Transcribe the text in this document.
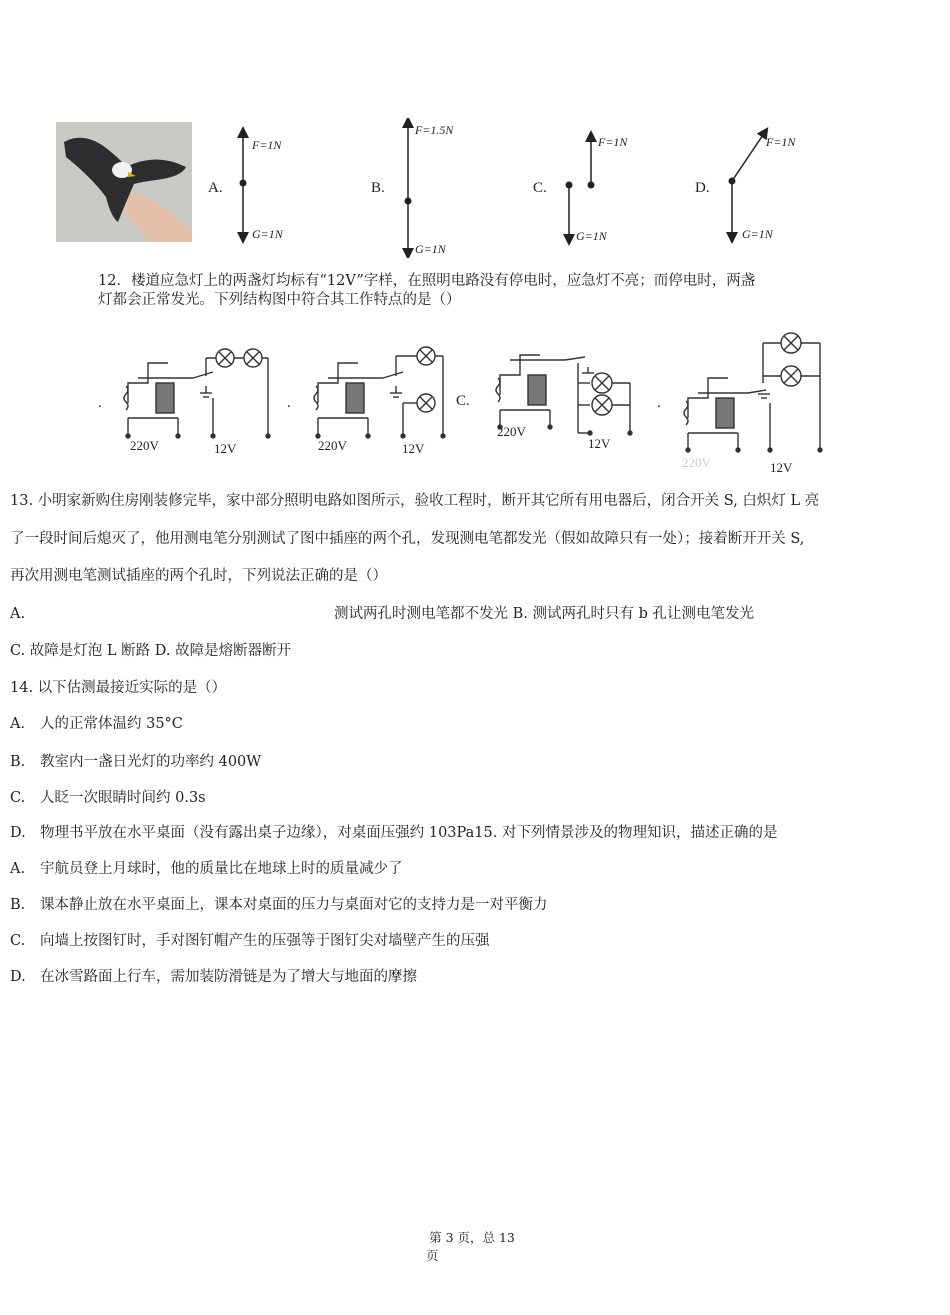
A.
F=1N
G=1N
B.
F=1.5N
G=1N
C.
F=1N
G=1N
D.
F=1N
G=1N
12．楼道应急灯上的两盏灯均标有“12V”字样，在照明电路没有停电时，应急灯不亮；而停电时，两盏
灯都会正常发光。下列结构图中符合其工作特点的是（）
.
220V	12V
.
220V	12V
C.
220V
12V
.
220V	12V
13. 小明家新购住房刚装修完毕，家中部分照明电路如图所示，验收工程时，断开其它所有用电器后，闭合开关 S, 白炽灯 L 亮
了一段时间后熄灭了，他用测电笔分别测试了图中插座的两个孔，发现测电笔都发光（假如故障只有一处）；接着断开开关 S,
再次用测电笔测试插座的两个孔时，下列说法正确的是（）
A.	测试两孔时测电笔都不发光 B. 测试两孔时只有 b 孔让测电笔发光
C. 故障是灯泡 L 断路 D. 故障是熔断器断开
14. 以下估测最接近实际的是（）
A. 人的正常体温约 35°C
B. 教室内一盏日光灯的功率约 400W
C. 人眨一次眼睛时间约 0.3s
D. 物理书平放在水平桌面（没有露出桌子边缘），对桌面压强约 103Pa15. 对下列情景涉及的物理知识，描述正确的是
A. 宇航员登上月球时，他的质量比在地球上时的质量减少了
B. 课本静止放在水平桌面上，课本对桌面的压力与桌面对它的支持力是一对平衡力
C. 向墙上按图钉时，手对图钉帽产生的压强等于图钉尖对墙壁产生的压强
D. 在冰雪路面上行车，需加装防滑链是为了增大与地面的摩擦
第 3 页，总 13
页
